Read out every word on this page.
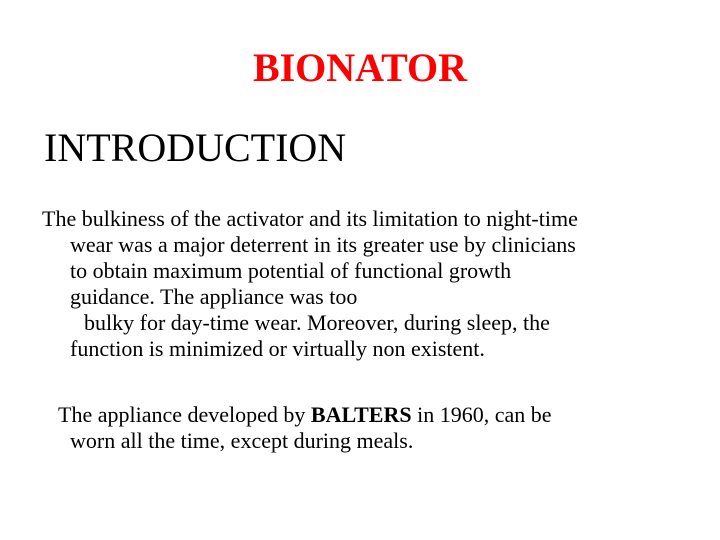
BIONATOR
INTRODUCTION

The bulkiness of the activator and its limitation to night-time
wear was a major deterrent in its greater use by clinicians
to obtain maximum potential of functional growth
guidance. The appliance was too
bulky for day-time wear. Moreover, during sleep, the
function is minimized or virtually non existent.

The appliance developed by BALTERS in 1960, can be
worn all the time, except during meals.
